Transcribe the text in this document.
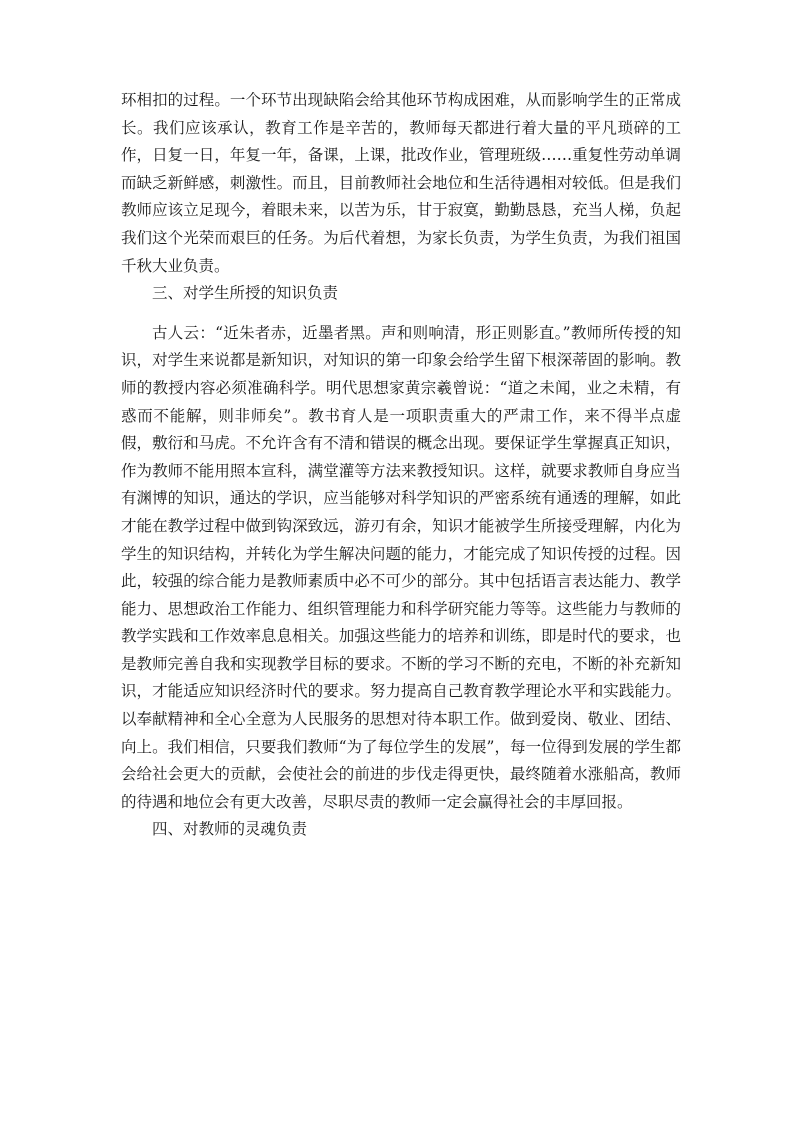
环相扣的过程。一个环节出现缺陷会给其他环节构成困难，从而影响学生的正常成长。我们应该承认，教育工作是辛苦的，教师每天都进行着大量的平凡琐碎的工作，日复一日，年复一年，备课，上课，批改作业，管理班级……重复性劳动单调而缺乏新鲜感，刺激性。而且，目前教师社会地位和生活待遇相对较低。但是我们教师应该立足现今，着眼未来，以苦为乐，甘于寂寞，勤勤恳恳，充当人梯，负起我们这个光荣而艰巨的任务。为后代着想，为家长负责，为学生负责，为我们祖国千秋大业负责。

三、对学生所授的知识负责

古人云：“近朱者赤，近墨者黑。声和则响清，形正则影直。”教师所传授的知识，对学生来说都是新知识，对知识的第一印象会给学生留下根深蒂固的影响。教师的教授内容必须准确科学。明代思想家黄宗羲曾说：“道之未闻，业之未精，有惑而不能解，则非师矣”。教书育人是一项职责重大的严肃工作，来不得半点虚假，敷衍和马虎。不允许含有不清和错误的概念出现。要保证学生掌握真正知识，作为教师不能用照本宣科，满堂灌等方法来教授知识。这样，就要求教师自身应当有渊博的知识，通达的学识，应当能够对科学知识的严密系统有通透的理解，如此才能在教学过程中做到钩深致远，游刃有余，知识才能被学生所接受理解，内化为学生的知识结构，并转化为学生解决问题的能力，才能完成了知识传授的过程。因此，较强的综合能力是教师素质中必不可少的部分。其中包括语言表达能力、教学能力、思想政治工作能力、组织管理能力和科学研究能力等等。这些能力与教师的教学实践和工作效率息息相关。加强这些能力的培养和训练，即是时代的要求，也是教师完善自我和实现教学目标的要求。不断的学习不断的充电，不断的补充新知识，才能适应知识经济时代的要求。努力提高自己教育教学理论水平和实践能力。以奉献精神和全心全意为人民服务的思想对待本职工作。做到爱岗、敬业、团结、向上。我们相信，只要我们教师“为了每位学生的发展”，每一位得到发展的学生都会给社会更大的贡献，会使社会的前进的步伐走得更快，最终随着水涨船高，教师的待遇和地位会有更大改善，尽职尽责的教师一定会赢得社会的丰厚回报。

四、对教师的灵魂负责
